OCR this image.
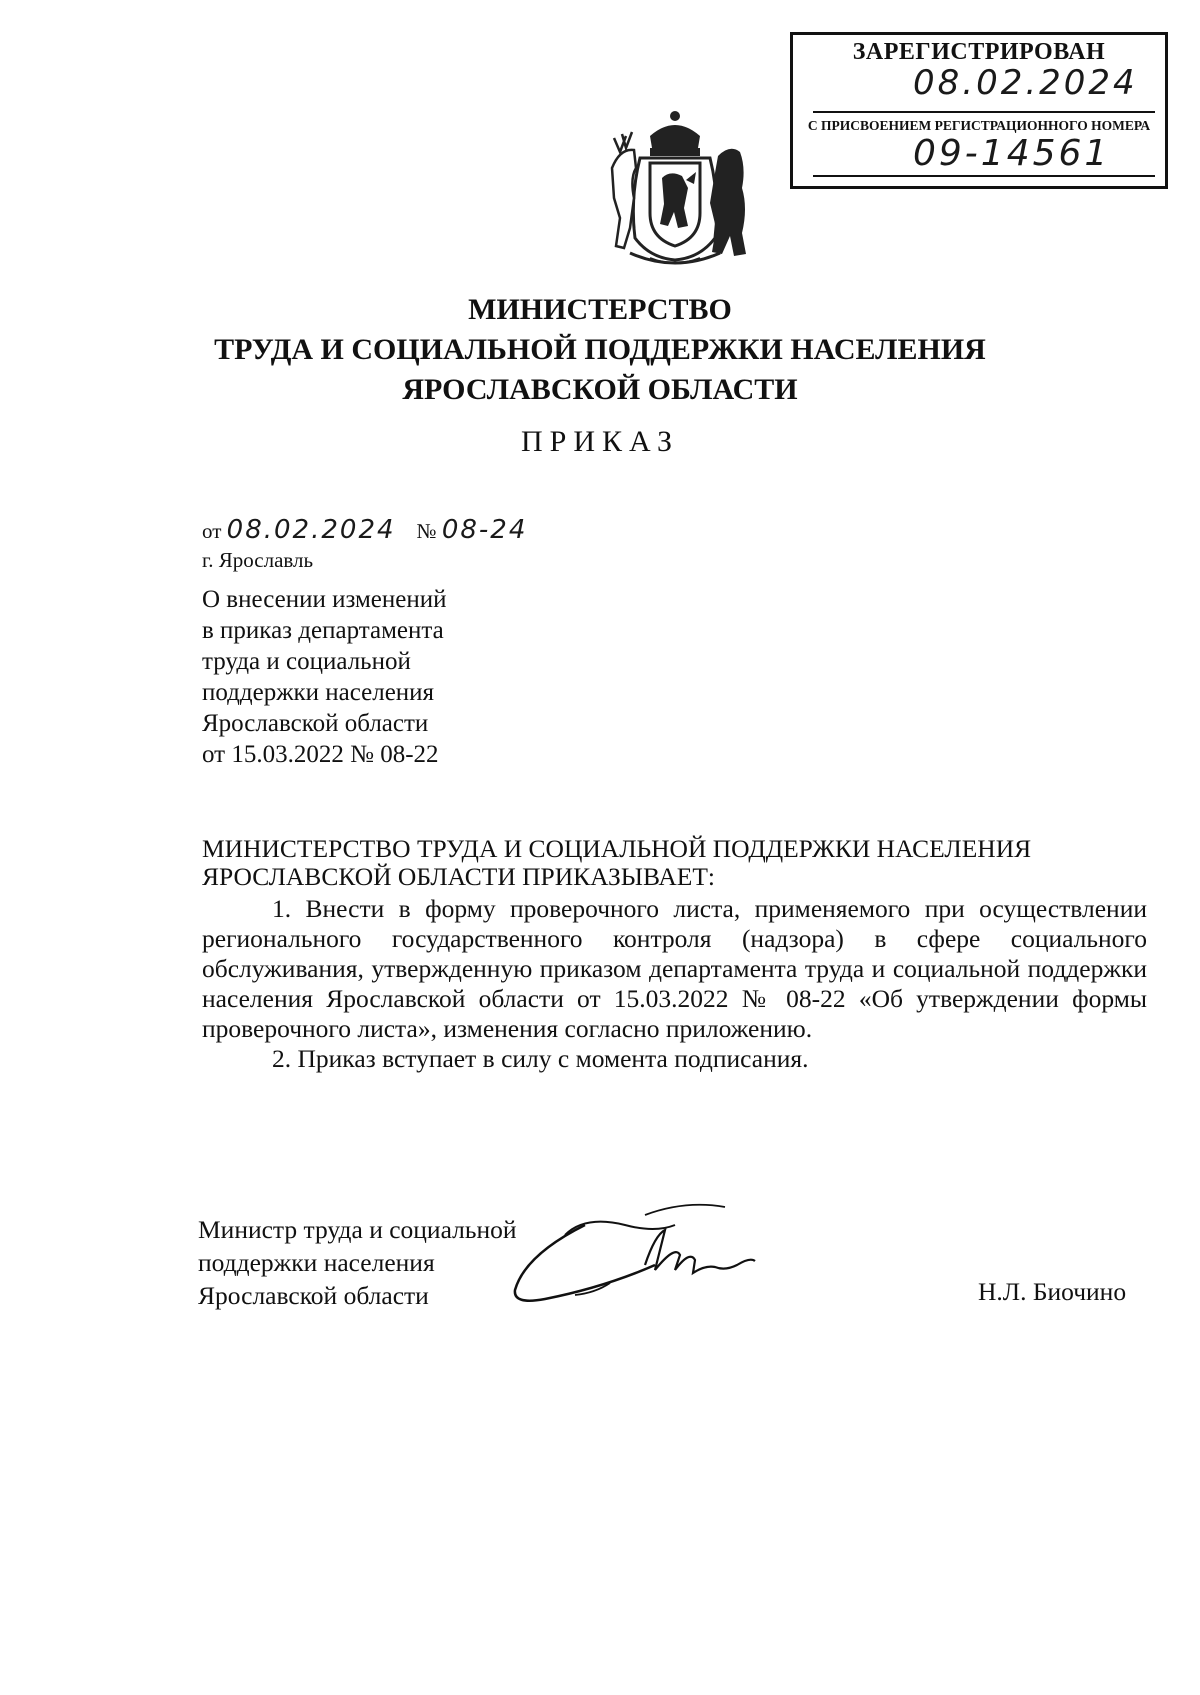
ЗАРЕГИСТРИРОВАН
08.02.2024
С ПРИСВОЕНИЕМ РЕГИСТРАЦИОННОГО НОМЕРА
09-14561
МИНИСТЕРСТВО
ТРУДА И СОЦИАЛЬНОЙ ПОДДЕРЖКИ НАСЕЛЕНИЯ
ЯРОСЛАВСКОЙ ОБЛАСТИ
ПРИКАЗ
от 08.02.2024 № 08-24
г. Ярославль
О внесении изменений
в приказ департамента
труда и социальной
поддержки населения
Ярославской области
от 15.03.2022 № 08-22
МИНИСТЕРСТВО ТРУДА И СОЦИАЛЬНОЙ ПОДДЕРЖКИ НАСЕЛЕНИЯ
ЯРОСЛАВСКОЙ ОБЛАСТИ ПРИКАЗЫВАЕТ:

1. Внести в форму проверочного листа, применяемого при осуществлении регионального государственного контроля (надзора) в сфере социального обслуживания, утвержденную приказом департамента труда и социальной поддержки населения Ярославской области от 15.03.2022 № 08-22 «Об утверждении формы проверочного листа», изменения согласно приложению.

2. Приказ вступает в силу с момента подписания.

Министр труда и социальной
поддержки населения
Ярославской области	Н.Л. Биочино
